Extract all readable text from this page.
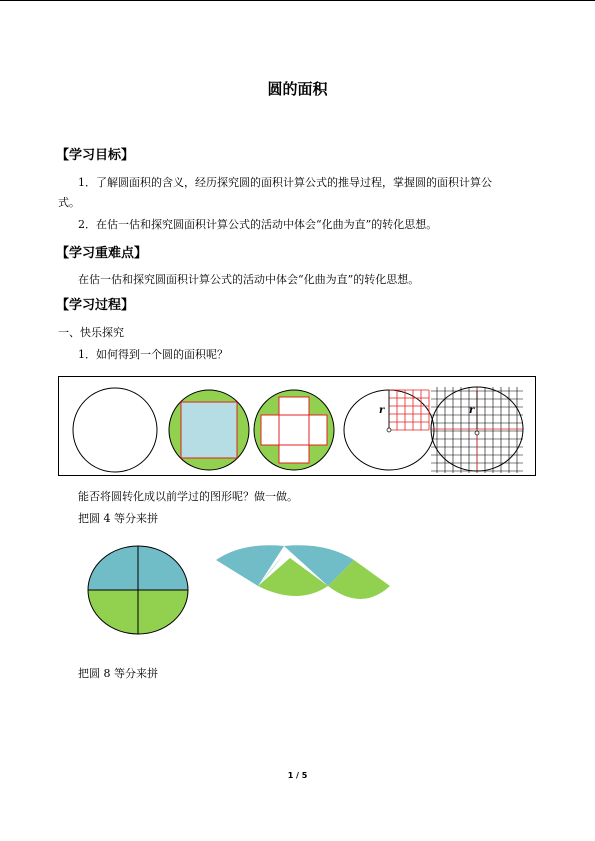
圆的面积
【学习目标】
1．了解圆面积的含义，经历探究圆的面积计算公式的推导过程，掌握圆的面积计算公
式。
2．在估一估和探究圆面积计算公式的活动中体会“化曲为直”的转化思想。
【学习重难点】
在估一估和探究圆面积计算公式的活动中体会“化曲为直”的转化思想。
【学习过程】
一、快乐探究
1．如何得到一个圆的面积呢？
r	r
能否将圆转化成以前学过的图形呢？做一做。
把圆 4 等分来拼
把圆 8 等分来拼
1 / 5
